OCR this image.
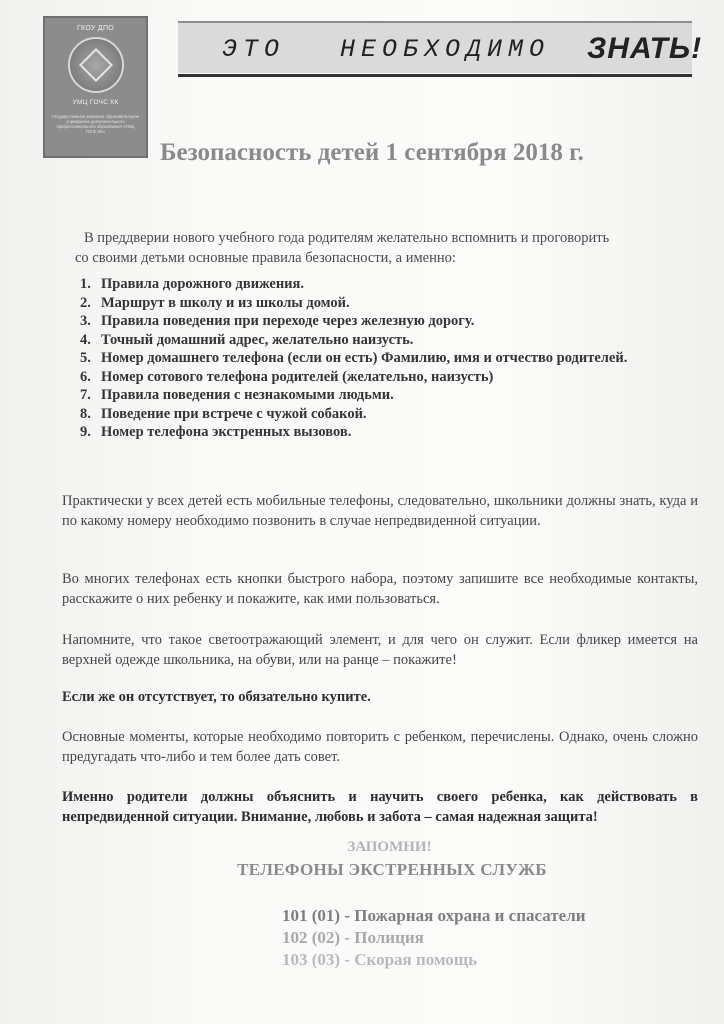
ГКОУ ДПО
УМЦ ГОЧС КК
Государственное казенное образовательное учреждение дополнительного профессионального образования «УМЦ ГОЧС КК»
ЭТО НЕОБХОДИМО ЗНАТЬ!
Безопасность детей 1 сентября 2018 г.
В преддверии нового учебного года родителям желательно вспомнить и проговорить
со своими детьми основные правила безопасности, а именно:
1. Правила дорожного движения.
2. Маршрут в школу и из школы домой.
3. Правила поведения при переходе через железную дорогу.
4. Точный домашний адрес, желательно наизусть.
5. Номер домашнего телефона (если он есть) Фамилию, имя и отчество родителей.
6. Номер сотового телефона родителей (желательно, наизусть)
7. Правила поведения с незнакомыми людьми.
8. Поведение при встрече с чужой собакой.
9. Номер телефона экстренных вызовов.
Практически у всех детей есть мобильные телефоны, следовательно, школьники должны знать, куда и по какому номеру необходимо позвонить в случае непредвиденной ситуации.
Во многих телефонах есть кнопки быстрого набора, поэтому запишите все необходимые контакты, расскажите о них ребенку и покажите, как ими пользоваться.
Напомните, что такое светоотражающий элемент, и для чего он служит. Если фликер имеется на верхней одежде школьника, на обуви, или на ранце – покажите!
Если же он отсутствует, то обязательно купите.
Основные моменты, которые необходимо повторить с ребенком, перечислены. Однако, очень сложно предугадать что-либо и тем более дать совет.
Именно родители должны объяснить и научить своего ребенка, как действовать в непредвиденной ситуации. Внимание, любовь и забота – самая надежная защита!
ЗАПОМНИ!
ТЕЛЕФОНЫ ЭКСТРЕННЫХ СЛУЖБ
101 (01) - Пожарная охрана и спасатели
102 (02) - Полиция
103 (03) - Скорая помощь
